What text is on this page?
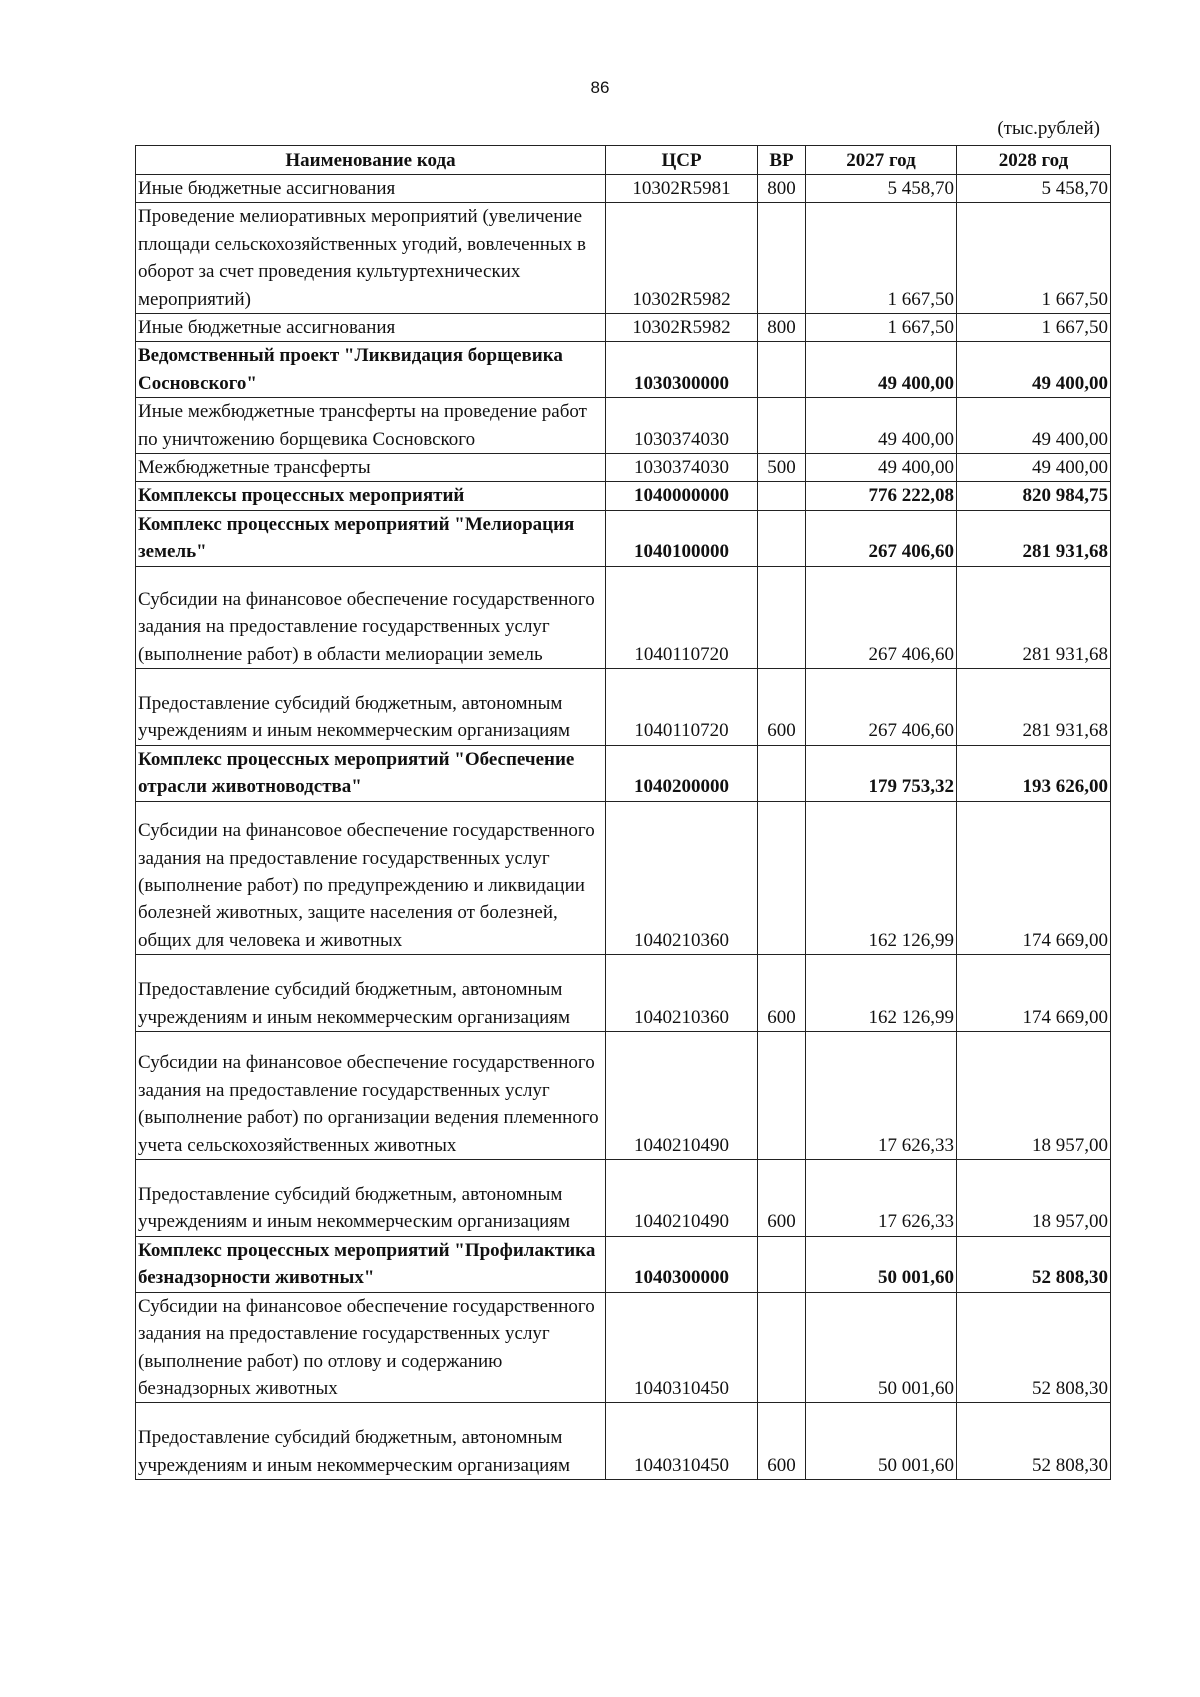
86
(тыс.рублей)
Наименование кода	ЦСР	ВР	2027 год	2028 год
Иные бюджетные ассигнования	10302R5981	800	5 458,70	5 458,70
Проведение мелиоративных мероприятий (увеличение площади сельскохозяйственных угодий, вовлеченных в оборот за счет проведения культуртехнических мероприятий)	10302R5982		1 667,50	1 667,50
Иные бюджетные ассигнования	10302R5982	800	1 667,50	1 667,50
Ведомственный проект "Ликвидация борщевика Сосновского"	1030300000		49 400,00	49 400,00
Иные межбюджетные трансферты на проведение работ по уничтожению борщевика Сосновского	1030374030		49 400,00	49 400,00
Межбюджетные трансферты	1030374030	500	49 400,00	49 400,00
Комплексы процессных мероприятий	1040000000		776 222,08	820 984,75
Комплекс процессных мероприятий "Мелиорация земель"	1040100000		267 406,60	281 931,68
Субсидии на финансовое обеспечение государственного задания на предоставление государственных услуг (выполнение работ) в области мелиорации земель	1040110720		267 406,60	281 931,68
Предоставление субсидий бюджетным, автономным учреждениям и иным некоммерческим организациям	1040110720	600	267 406,60	281 931,68
Комплекс процессных мероприятий "Обеспечение отрасли животноводства"	1040200000		179 753,32	193 626,00
Субсидии на финансовое обеспечение государственного задания на предоставление государственных услуг (выполнение работ) по предупреждению и ликвидации болезней животных, защите населения от болезней, общих для человека и животных	1040210360		162 126,99	174 669,00
Предоставление субсидий бюджетным, автономным учреждениям и иным некоммерческим организациям	1040210360	600	162 126,99	174 669,00
Субсидии на финансовое обеспечение государственного задания на предоставление государственных услуг (выполнение работ) по организации ведения племенного учета сельскохозяйственных животных	1040210490		17 626,33	18 957,00
Предоставление субсидий бюджетным, автономным учреждениям и иным некоммерческим организациям	1040210490	600	17 626,33	18 957,00
Комплекс процессных мероприятий "Профилактика безнадзорности животных"	1040300000		50 001,60	52 808,30
Субсидии на финансовое обеспечение государственного задания на предоставление государственных услуг (выполнение работ) по отлову и содержанию безнадзорных животных	1040310450		50 001,60	52 808,30
Предоставление субсидий бюджетным, автономным учреждениям и иным некоммерческим организациям	1040310450	600	50 001,60	52 808,30
